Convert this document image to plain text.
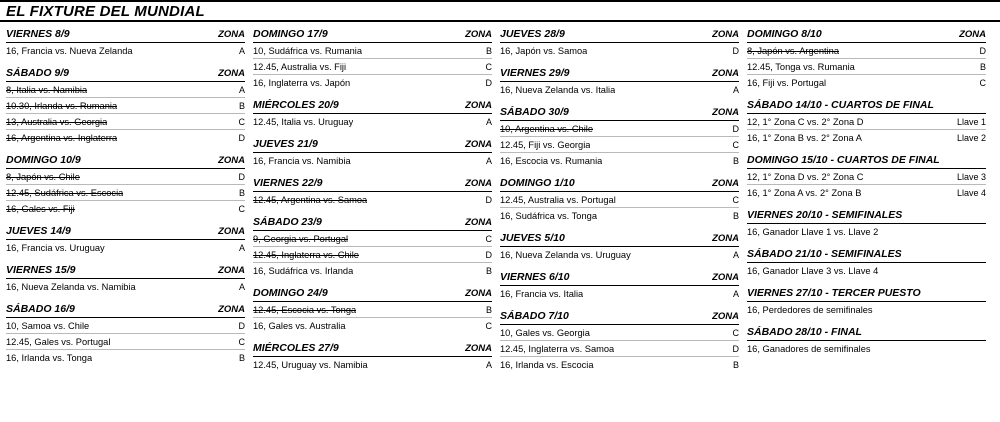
EL FIXTURE DEL MUNDIAL
VIERNES 8/9	ZONA
16, Francia vs. Nueva Zelanda	A
SÁBADO 9/9	ZONA
8, Italia vs. Namibia	A
10.30, Irlanda vs. Rumania	B
13, Australia vs. Georgia	C
16, Argentina vs. Inglaterra	D
DOMINGO 10/9	ZONA
8, Japón vs. Chile	D
12.45, Sudáfrica vs. Escocia	B
16, Gales vs. Fiji	C
JUEVES 14/9	ZONA
16, Francia vs. Uruguay	A
VIERNES 15/9	ZONA
16, Nueva Zelanda vs. Namibia	A
SÁBADO 16/9	ZONA
10, Samoa vs. Chile	D
12.45, Gales vs. Portugal	C
16, Irlanda vs. Tonga	B
DOMINGO 17/9	ZONA
10, Sudáfrica vs. Rumania	B
12.45, Australia vs. Fiji	C
16, Inglaterra vs. Japón	D
MIÉRCOLES 20/9	ZONA
12.45, Italia vs. Uruguay	A
JUEVES 21/9	ZONA
16, Francia vs. Namibia	A
VIERNES 22/9	ZONA
12.45, Argentina vs. Samoa	D
SÁBADO 23/9	ZONA
9, Georgia vs. Portugal	C
12.45, Inglaterra vs. Chile	D
16, Sudáfrica vs. Irlanda	B
DOMINGO 24/9	ZONA
12.45, Escocia vs. Tonga	B
16, Gales vs. Australia	C
MIÉRCOLES 27/9	ZONA
12.45, Uruguay vs. Namibia	A
JUEVES 28/9	ZONA
16, Japón vs. Samoa	D
VIERNES 29/9	ZONA
16, Nueva Zelanda vs. Italia	A
SÁBADO 30/9	ZONA
10, Argentina vs. Chile	D
12.45, Fiji vs. Georgia	C
16, Escocia vs. Rumania	B
DOMINGO 1/10	ZONA
12.45, Australia vs. Portugal	C
16, Sudáfrica vs. Tonga	B
JUEVES 5/10	ZONA
16, Nueva Zelanda vs. Uruguay	A
VIERNES 6/10	ZONA
16, Francia vs. Italia	A
SÁBADO 7/10	ZONA
10, Gales vs. Georgia	C
12.45, Inglaterra vs. Samoa	D
16, Irlanda vs. Escocia	B
DOMINGO 8/10	ZONA
8, Japón vs. Argentina	D
12.45, Tonga vs. Rumania	B
16, Fiji vs. Portugal	C
SÁBADO 14/10 - CUARTOS DE FINAL
12, 1° Zona C vs. 2° Zona D	Llave 1
16, 1° Zona B vs. 2° Zona A	Llave 2
DOMINGO 15/10 - CUARTOS DE FINAL
12, 1° Zona D vs. 2° Zona C	Llave 3
16, 1° Zona A vs. 2° Zona B	Llave 4
VIERNES 20/10 - SEMIFINALES
16, Ganador Llave 1 vs. Llave 2
SÁBADO 21/10 - SEMIFINALES
16, Ganador Llave 3 vs. Llave 4
VIERNES 27/10 - TERCER PUESTO
16, Perdedores de semifinales
SÁBADO 28/10 - FINAL
16, Ganadores de semifinales
